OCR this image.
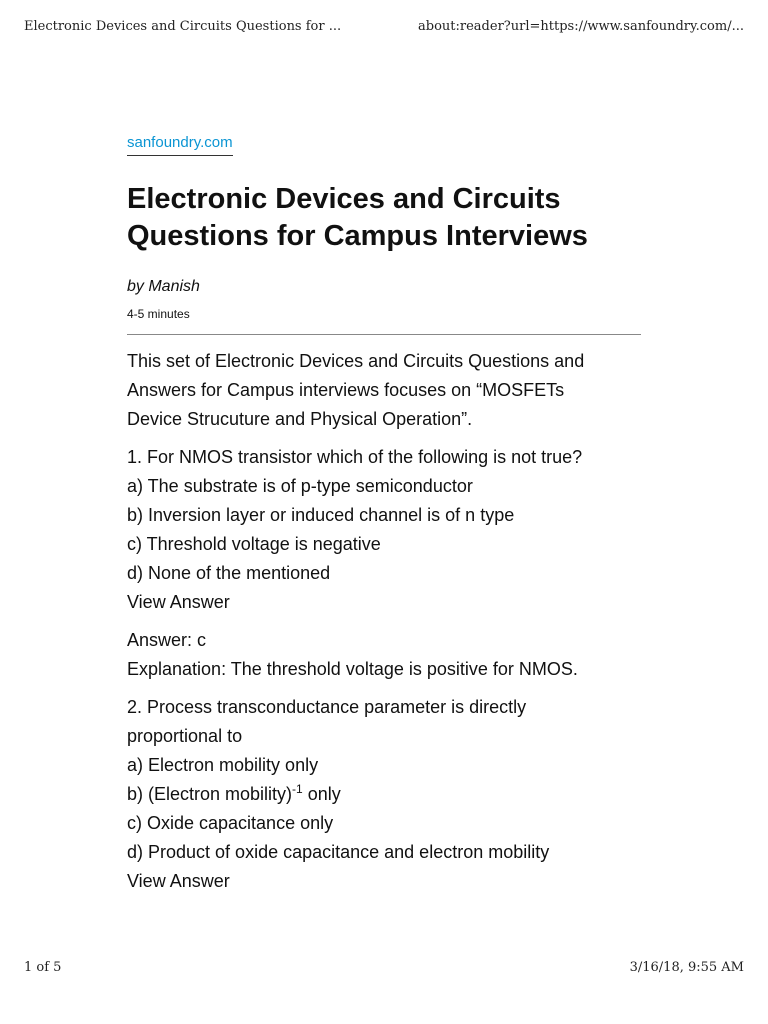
Electronic Devices and Circuits Questions for ...	about:reader?url=https://www.sanfoundry.com/...
sanfoundry.com
Electronic Devices and Circuits Questions for Campus Interviews
by Manish
4-5 minutes

This set of Electronic Devices and Circuits Questions and
Answers for Campus interviews focuses on “MOSFETs
Device Strucuture and Physical Operation”.

1. For NMOS transistor which of the following is not true?
a) The substrate is of p-type semiconductor
b) Inversion layer or induced channel is of n type
c) Threshold voltage is negative
d) None of the mentioned
View Answer

Answer: c
Explanation: The threshold voltage is positive for NMOS.

2. Process transconductance parameter is directly
proportional to
a) Electron mobility only
b) (Electron mobility)$^{-1}$ only
c) Oxide capacitance only
d) Product of oxide capacitance and electron mobility
View Answer

1 of 5	3/16/18, 9:55 AM
